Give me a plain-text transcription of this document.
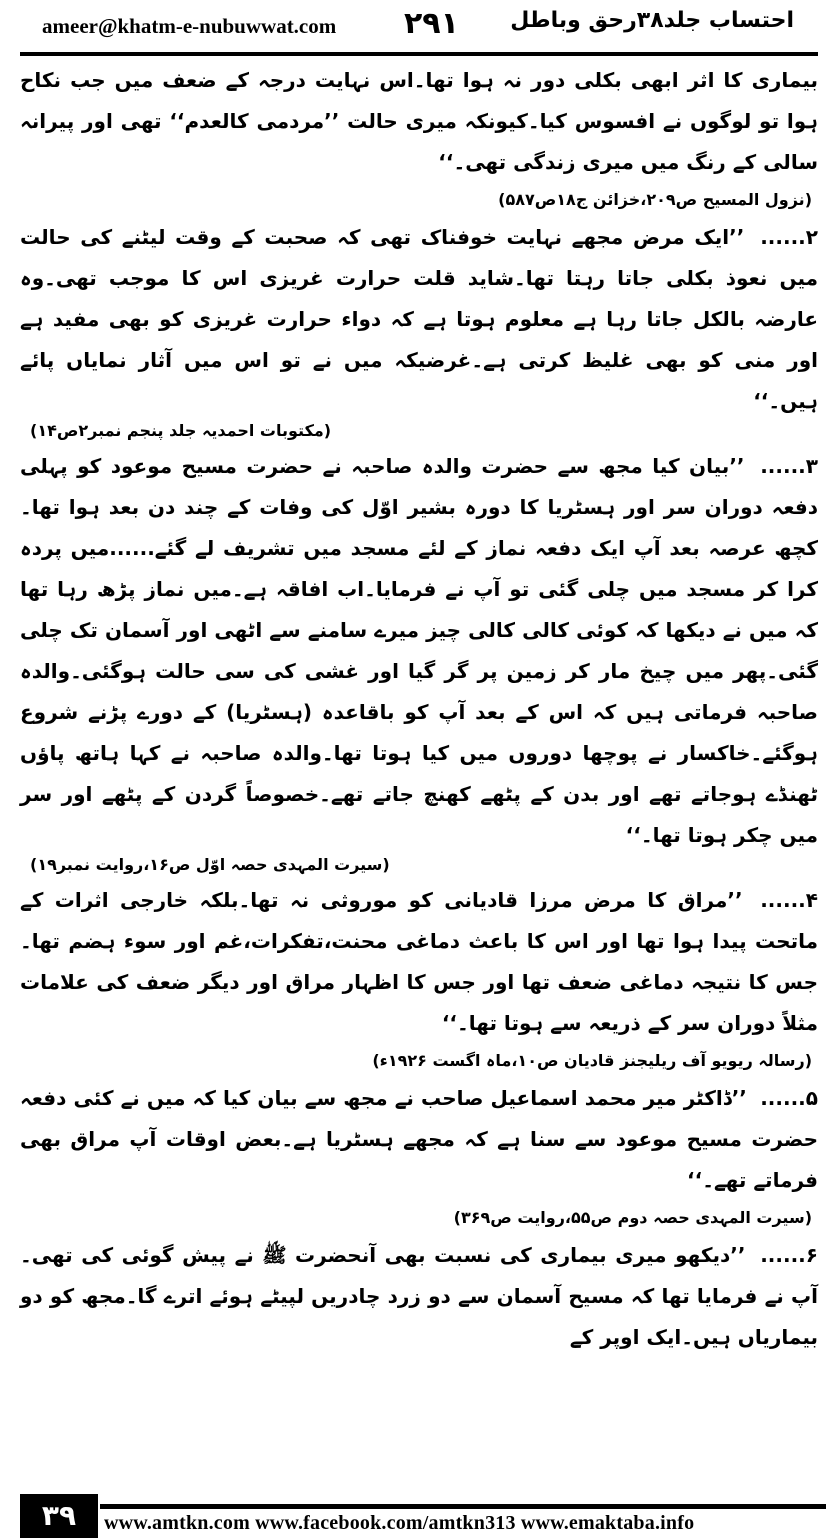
ameer@khatm-e-nubuwwat.com ۲۹۱ احتساب جلد۳۸رحق وباطل

بیماری کا اثر ابھی بکلی دور نہ ہوا تھا۔اس نہایت درجہ کے ضعف میں جب نکاح ہوا تو لوگوں نے افسوس کیا۔کیونکہ میری حالت ’’مردمی کالعدم‘‘ تھی اور پیرانہ سالی کے رنگ میں میری زندگی تھی۔‘‘

(نزول المسیح ص۲۰۹،خزائن ج۱۸ص۵۸۷)

۲...... ’’ایک مرض مجھے نہایت خوفناک تھی کہ صحبت کے وقت لیٹنے کی حالت میں نعوذ بکلی جاتا رہتا تھا۔شاید قلت حرارت غریزی اس کا موجب تھی۔وہ عارضہ بالکل جاتا رہا ہے معلوم ہوتا ہے کہ دواء حرارت غریزی کو بھی مفید ہے اور منی کو بھی غلیظ کرتی ہے۔غرضیکہ میں نے تو اس میں آثار نمایاں پائے ہیں۔‘‘

(مکتوبات احمدیہ جلد پنجم نمبر۲ص۱۴)

۳...... ’’بیان کیا مجھ سے حضرت والدہ صاحبہ نے حضرت مسیح موعود کو پہلی دفعہ دوران سر اور ہسٹریا کا دورہ بشیر اوّل کی وفات کے چند دن بعد ہوا تھا۔کچھ عرصہ بعد آپ ایک دفعہ نماز کے لئے مسجد میں تشریف لے گئے......میں پردہ کرا کر مسجد میں چلی گئی تو آپ نے فرمایا۔اب افاقہ ہے۔میں نماز پڑھ رہا تھا کہ میں نے دیکھا کہ کوئی کالی کالی چیز میرے سامنے سے اٹھی اور آسمان تک چلی گئی۔پھر میں چیخ مار کر زمین پر گر گیا اور غشی کی سی حالت ہوگئی۔والدہ صاحبہ فرماتی ہیں کہ اس کے بعد آپ کو باقاعدہ (ہسٹریا) کے دورے پڑنے شروع ہوگئے۔خاکسار نے پوچھا دوروں میں کیا ہوتا تھا۔والدہ صاحبہ نے کہا ہاتھ پاؤں ٹھنڈے ہوجاتے تھے اور بدن کے پٹھے کھنچ جاتے تھے۔خصوصاً گردن کے پٹھے اور سر میں چکر ہوتا تھا۔‘‘

(سیرت المہدی حصہ اوّل ص۱۶،روایت نمبر۱۹)

۴...... ’’مراق کا مرض مرزا قادیانی کو موروثی نہ تھا۔بلکہ خارجی اثرات کے ماتحت پیدا ہوا تھا اور اس کا باعث دماغی محنت،تفکرات،غم اور سوء ہضم تھا۔جس کا نتیجہ دماغی ضعف تھا اور جس کا اظہار مراق اور دیگر ضعف کی علامات مثلاً دوران سر کے ذریعہ سے ہوتا تھا۔‘‘

(رسالہ ریویو آف ریلیجنز قادیان ص۱۰،ماہ اگست ۱۹۲۶ء)

۵...... ’’ڈاکٹر میر محمد اسماعیل صاحب نے مجھ سے بیان کیا کہ میں نے کئی دفعہ حضرت مسیح موعود سے سنا ہے کہ مجھے ہسٹریا ہے۔بعض اوقات آپ مراق بھی فرماتے تھے۔‘‘

(سیرت المہدی حصہ دوم ص۵۵،روایت ص۳۶۹)

۶...... ’’دیکھو میری بیماری کی نسبت بھی آنحضرت ﷺ نے پیش گوئی کی تھی۔آپ نے فرمایا تھا کہ مسیح آسمان سے دو زرد چادریں لپیٹے ہوئے اترے گا۔مجھ کو دو بیماریاں ہیں۔ایک اوپر کے

۳۹	www.amtkn.com www.facebook.com/amtkn313 www.emaktaba.info
